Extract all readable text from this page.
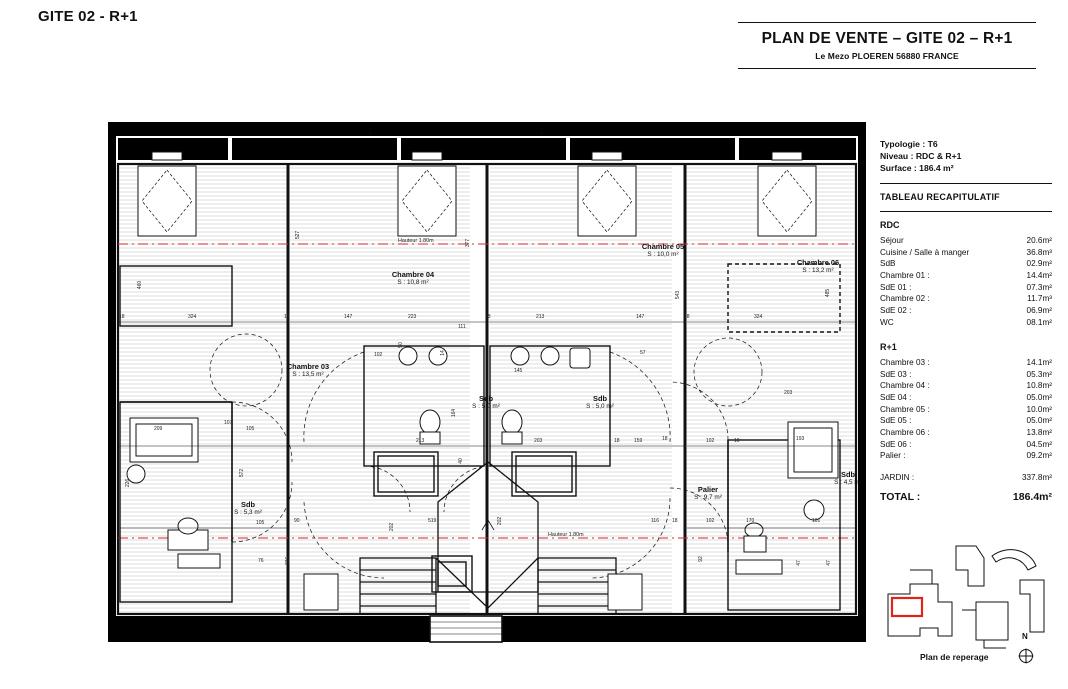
GITE 02 - R+1
PLAN DE VENTE – GITE 02 – R+1
Le Mezo PLOEREN 56880 FRANCE
Typologie : T6
Niveau : RDC & R+1
Surface : 186.4 m²
TABLEAU RECAPITULATIF
RDC
Séjour	20.6m²
Cuisine / Salle à manger	36.8m³
SdB	02.9m²
Chambre 01 :	14.4m²
SdE 01 :	07.3m²
Chambre 02 :	11.7m³
SdE 02 :	06.9m²
WC	08.1m²
R+1
Chambre 03 :	14.1m²
SdE 03 :	05.3m²
Chambre 04 :	10.8m²
SdE 04 :	05.0m²
Chambre 05 :	10.0m²
SdE 05 :	05.0m²
Chambre 06 :	13.8m²
SdE 06 :	04.5m²
Palier :	09.2m²
JARDIN :	337.8m²
TOTAL :	186.4m²
Plan de reperage
N
Chambre 03
S : 13,5 m²
Chambre 04
S : 10,8 m²
Chambre 05
S : 10,0 m²
Chambre 06
S : 13,2 m²
Sdb
S : 5,0 m²
Sdb
S : 5,0 m²
Sdb
S : 5,3 m²
Sdb
S : 4,5 m²
Palier
S : 9,7 m²
Hauteur 1.80m
Hauteur 1.80m
460
324
18	18	147	223
111
527
377
18	213	147
543
18	324
485
102
50
145
57
203
209
107
105
164
213	203	159
18	102	10	193
572
226
40
202
519	202	116	18	102	170	101
105	90
76	326	92
47	47
14
18
